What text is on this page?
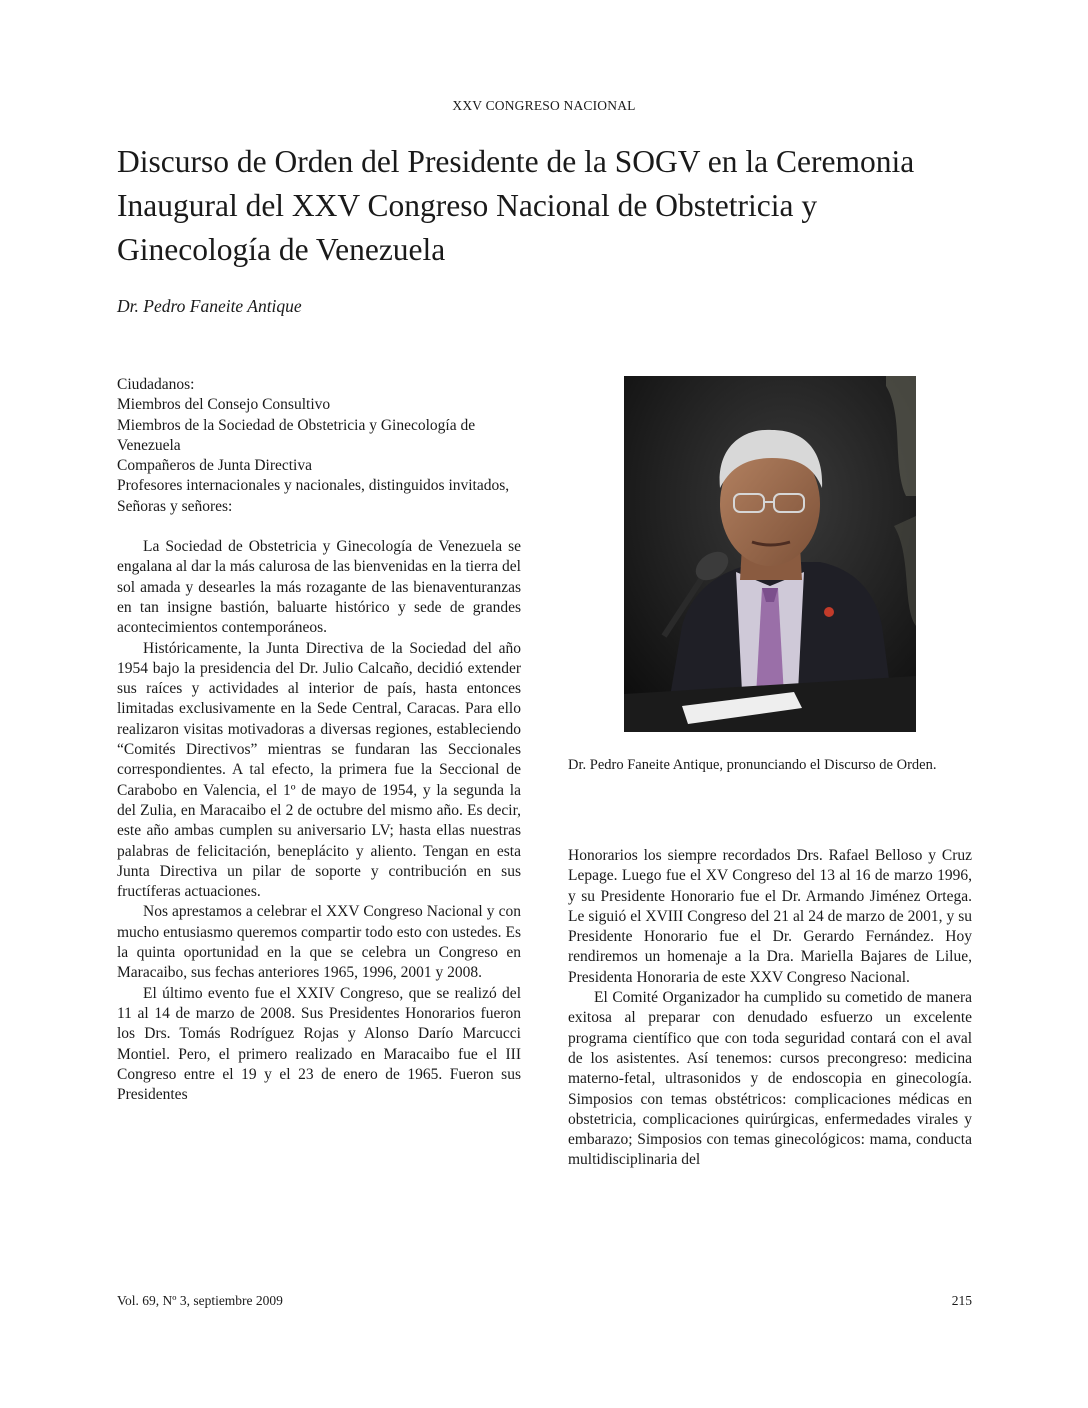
XXV CONGRESO NACIONAL
Discurso de Orden del Presidente de la SOGV en la Ceremonia Inaugural del XXV Congreso Nacional de Obstetricia y Ginecología de Venezuela
Dr. Pedro Faneite Antique
Ciudadanos:
Miembros del Consejo Consultivo
Miembros de la Sociedad de Obstetricia y Ginecología de Venezuela
Compañeros de Junta Directiva
Profesores internacionales y nacionales, distinguidos invitados,
Señoras y señores:

La Sociedad de Obstetricia y Ginecología de Venezuela se engalana al dar la más calurosa de las bienvenidas en la tierra del sol amada y desearles la más rozagante de las bienaventuranzas en tan insigne bastión, baluarte histórico y sede de grandes acontecimientos contemporáneos.

Históricamente, la Junta Directiva de la Sociedad del año 1954 bajo la presidencia del Dr. Julio Calcaño, decidió extender sus raíces y actividades al interior de país, hasta entonces limitadas exclusivamente en la Sede Central, Caracas. Para ello realizaron visitas motivadoras a diversas regiones, estableciendo “Comités Directivos” mientras se fundaran las Seccionales correspondientes. A tal efecto, la primera fue la Seccional de Carabobo en Valencia, el 1º de mayo de 1954, y la segunda la del Zulia, en Maracaibo el 2 de octubre del mismo año. Es decir, este año ambas cumplen su aniversario LV; hasta ellas nuestras palabras de felicitación, beneplácito y aliento. Tengan en esta Junta Directiva un pilar de soporte y contribución en sus fructíferas actuaciones.

Nos aprestamos a celebrar el XXV Congreso Nacional y con mucho entusiasmo queremos compartir todo esto con ustedes. Es la quinta oportunidad en la que se celebra un Congreso en Maracaibo, sus fechas anteriores 1965, 1996, 2001 y 2008.

El último evento fue el XXIV Congreso, que se realizó del 11 al 14 de marzo de 2008. Sus Presidentes Honorarios fueron los Drs. Tomás Rodríguez Rojas y Alonso Darío Marcucci Montiel. Pero, el primero realizado en Maracaibo fue el III Congreso entre el 19 y el 23 de enero de 1965. Fueron sus Presidentes

Dr. Pedro Faneite Antique, pronunciando el Discurso de Orden.

Honorarios los siempre recordados Drs. Rafael Belloso y Cruz Lepage. Luego fue el XV Congreso del 13 al 16 de marzo 1996, y su Presidente Honorario fue el Dr. Armando Jiménez Ortega. Le siguió el XVIII Congreso del 21 al 24 de marzo de 2001, y su Presidente Honorario fue el Dr. Gerardo Fernández. Hoy rendiremos un homenaje a la Dra. Mariella Bajares de Lilue, Presidenta Honoraria de este XXV Congreso Nacional.

El Comité Organizador ha cumplido su cometido de manera exitosa al preparar con denudado esfuerzo un excelente programa científico que con toda seguridad contará con el aval de los asistentes. Así tenemos: cursos precongreso: medicina materno-fetal, ultrasonidos y de endoscopia en ginecología. Simposios con temas obstétricos: complicaciones médicas en obstetricia, complicaciones quirúrgicas, enfermedades virales y embarazo; Simposios con temas ginecológicos: mama, conducta multidisciplinaria del

Vol. 69, Nº 3, septiembre 2009	215
